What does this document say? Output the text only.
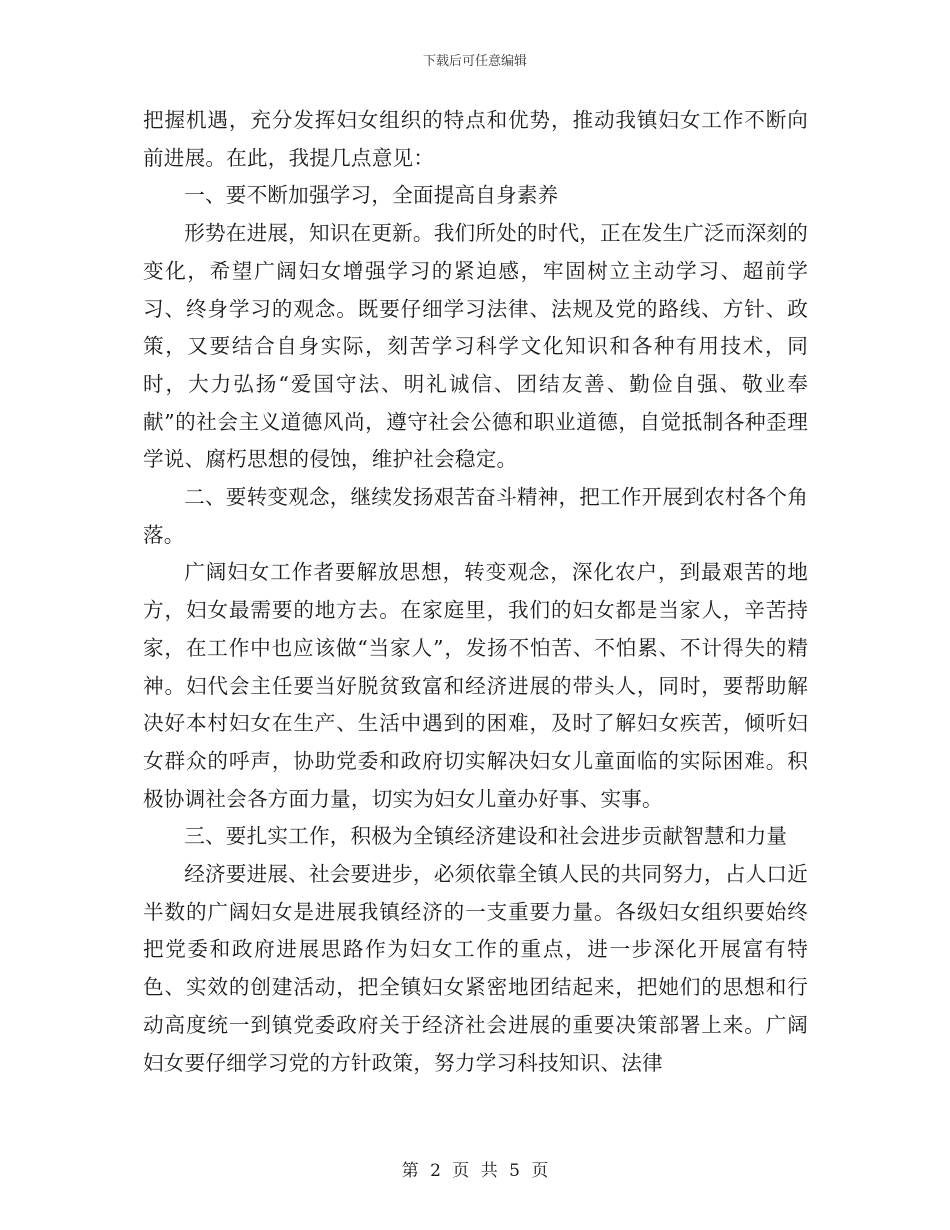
下载后可任意编辑

把握机遇，充分发挥妇女组织的特点和优势，推动我镇妇女工作不断向前进展。在此，我提几点意见：

一、要不断加强学习，全面提高自身素养

形势在进展，知识在更新。我们所处的时代，正在发生广泛而深刻的变化，希望广阔妇女增强学习的紧迫感，牢固树立主动学习、超前学习、终身学习的观念。既要仔细学习法律、法规及党的路线、方针、政策，又要结合自身实际，刻苦学习科学文化知识和各种有用技术，同时，大力弘扬“爱国守法、明礼诚信、团结友善、勤俭自强、敬业奉献”的社会主义道德风尚，遵守社会公德和职业道德，自觉抵制各种歪理学说、腐朽思想的侵蚀，维护社会稳定。

二、要转变观念，继续发扬艰苦奋斗精神，把工作开展到农村各个角落。

广阔妇女工作者要解放思想，转变观念，深化农户，到最艰苦的地方，妇女最需要的地方去。在家庭里，我们的妇女都是当家人，辛苦持家，在工作中也应该做“当家人”，发扬不怕苦、不怕累、不计得失的精神。妇代会主任要当好脱贫致富和经济进展的带头人，同时，要帮助解决好本村妇女在生产、生活中遇到的困难，及时了解妇女疾苦，倾听妇女群众的呼声，协助党委和政府切实解决妇女儿童面临的实际困难。积极协调社会各方面力量，切实为妇女儿童办好事、实事。

三、要扎实工作，积极为全镇经济建设和社会进步贡献智慧和力量

经济要进展、社会要进步，必须依靠全镇人民的共同努力，占人口近半数的广阔妇女是进展我镇经济的一支重要力量。各级妇女组织要始终把党委和政府进展思路作为妇女工作的重点，进一步深化开展富有特色、实效的创建活动，把全镇妇女紧密地团结起来，把她们的思想和行动高度统一到镇党委政府关于经济社会进展的重要决策部署上来。广阔妇女要仔细学习党的方针政策，努力学习科技知识、法律

第 2 页 共 5 页
